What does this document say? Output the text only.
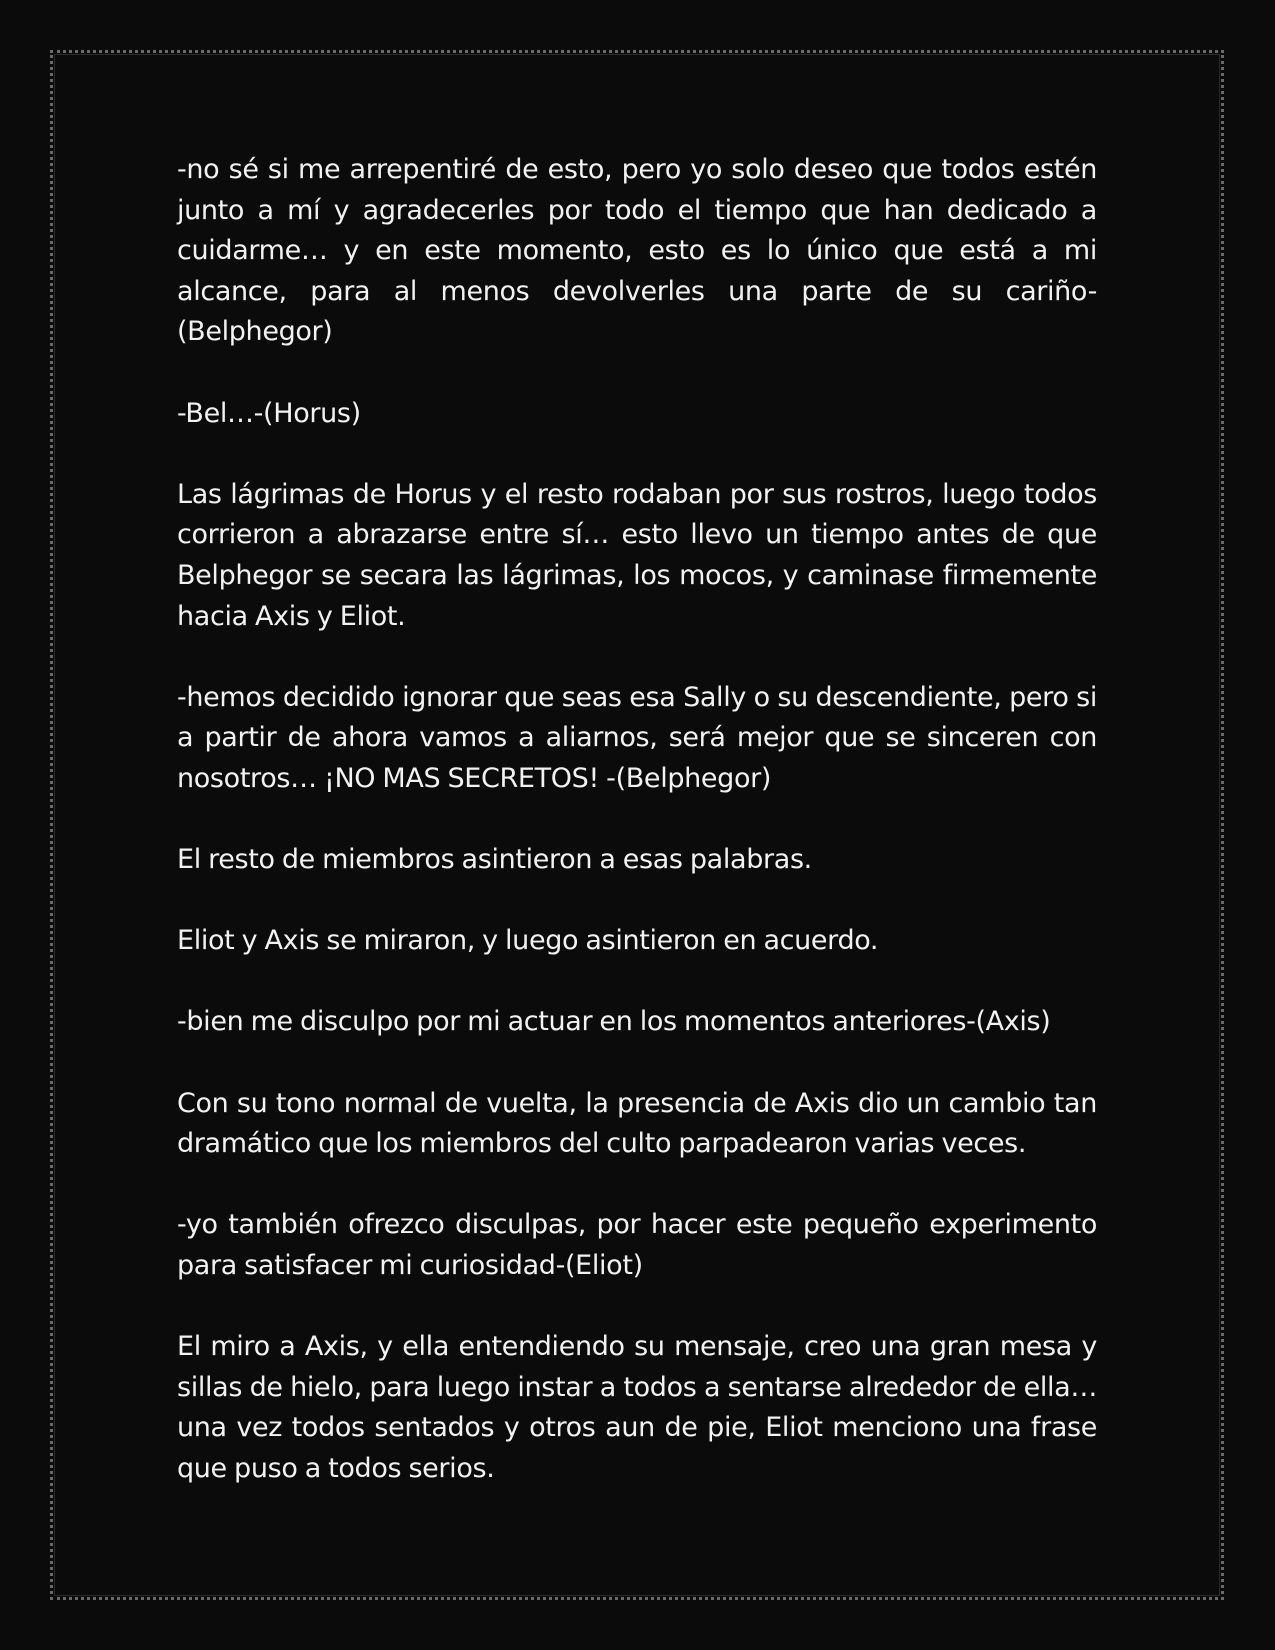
-no sé si me arrepentiré de esto, pero yo solo deseo que todos estén junto a mí y agradecerles por todo el tiempo que han dedicado a cuidarme… y en este momento, esto es lo único que está a mi alcance, para al menos devolverles una parte de su cariño-(Belphegor)

-Bel…-(Horus)

Las lágrimas de Horus y el resto rodaban por sus rostros, luego todos corrieron a abrazarse entre sí… esto llevo un tiempo antes de que Belphegor se secara las lágrimas, los mocos, y caminase firmemente hacia Axis y Eliot.

-hemos decidido ignorar que seas esa Sally o su descendiente, pero si a partir de ahora vamos a aliarnos, será mejor que se sinceren con nosotros… ¡NO MAS SECRETOS! -(Belphegor)

El resto de miembros asintieron a esas palabras.

Eliot y Axis se miraron, y luego asintieron en acuerdo.

-bien me disculpo por mi actuar en los momentos anteriores-(Axis)

Con su tono normal de vuelta, la presencia de Axis dio un cambio tan dramático que los miembros del culto parpadearon varias veces.

-yo también ofrezco disculpas, por hacer este pequeño experimento para satisfacer mi curiosidad-(Eliot)

El miro a Axis, y ella entendiendo su mensaje, creo una gran mesa y sillas de hielo, para luego instar a todos a sentarse alrededor de ella… una vez todos sentados y otros aun de pie, Eliot menciono una frase que puso a todos serios.
